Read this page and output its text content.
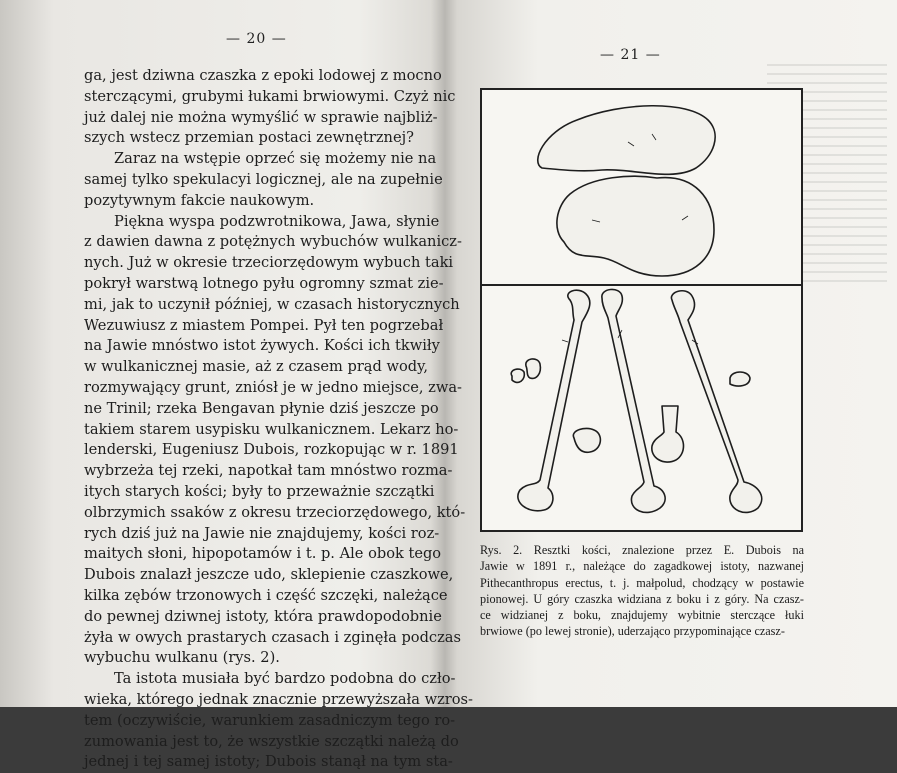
— 20 —
ga, jest dziwna czaszka z epoki lodowej z mocno
sterczącymi, grubymi łukami brwiowymi. Czyż nic
już dalej nie można wymyślić w sprawie najbliż-
szych wstecz przemian postaci zewnętrznej?
Zaraz na wstępie oprzeć się możemy nie na
samej tylko spekulacyi logicznej, ale na zupełnie
pozytywnym fakcie naukowym.
Piękna wyspa podzwrotnikowa, Jawa, słynie
z dawien dawna z potężnych wybuchów wulkanicz-
nych. Już w okresie trzeciorzędowym wybuch taki
pokrył warstwą lotnego pyłu ogromny szmat zie-
mi, jak to uczynił później, w czasach historycznych
Wezuwiusz z miastem Pompei. Pył ten pogrzebał
na Jawie mnóstwo istot żywych. Kości ich tkwiły
w wulkanicznej masie, aż z czasem prąd wody,
rozmywający grunt, zniósł je w jedno miejsce, zwa-
ne Trinil; rzeka Bengavan płynie dziś jeszcze po
takiem starem usypisku wulkanicznem. Lekarz ho-
lenderski, Eugeniusz Dubois, rozkopując w r. 1891
wybrzeża tej rzeki, napotkał tam mnóstwo rozma-
itych starych kości; były to przeważnie szczątki
olbrzymich ssaków z okresu trzeciorzędowego, któ-
rych dziś już na Jawie nie znajdujemy, kości roz-
maitych słoni, hipopotamów i t. p. Ale obok tego
Dubois znalazł jeszcze udo, sklepienie czaszkowe,
kilka zębów trzonowych i część szczęki, należące
do pewnej dziwnej istoty, która prawdopodobnie
żyła w owych prastarych czasach i zginęła podczas
wybuchu wulkanu (rys. 2).
Ta istota musiała być bardzo podobna do czło-
wieka, którego jednak znacznie przewyższała wzros-
tem (oczywiście, warunkiem zasadniczym tego ro-
zumowania jest to, że wszystkie szczątki należą do
jednej i tej samej istoty; Dubois stanął na tym sta-
— 21 —
Rys. 2. Resztki kości, znalezione przez E. Dubois na
Jawie w 1891 r., należące do zagadkowej istoty, nazwanej
Pithecanthropus erectus, t. j. małpolud, chodzący w postawie
pionowej. U góry czaszka widziana z boku i z góry. Na czasz-
ce widzianej z boku, znajdujemy wybitnie sterczące łuki
brwiowe (po lewej stronie), uderzająco przypominające czasz-
